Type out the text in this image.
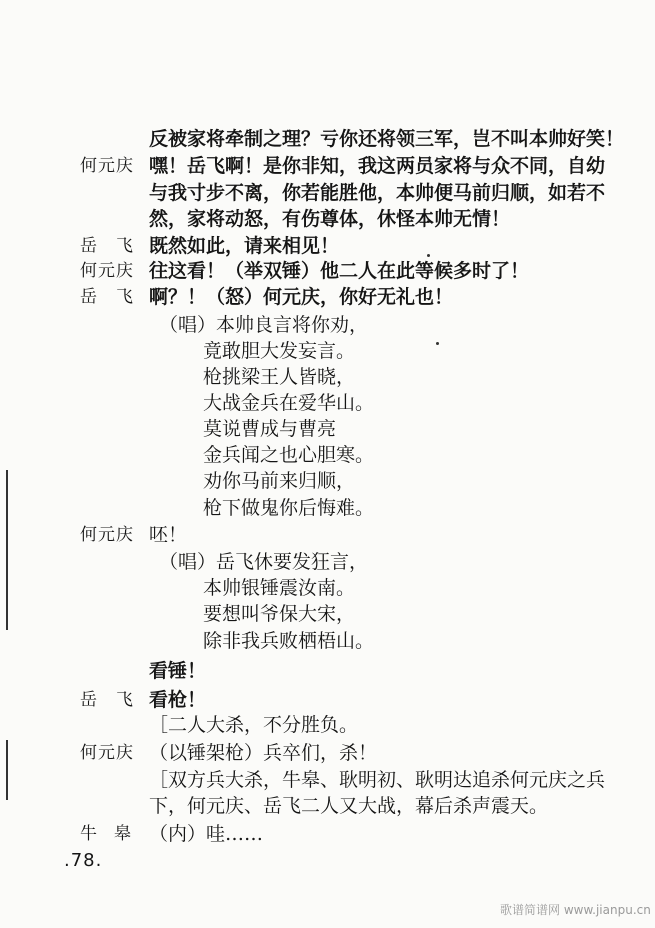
反被家将牵制之理？亏你还将领三军，岂不叫本帅好笑！
何元庆 嘿！岳飞啊！是你非知，我这两员家将与众不同，自幼
与我寸步不离，你若能胜他，本帅便马前归顺，如若不
然，家将动怒，有伤尊体，休怪本帅无情！
岳飞
既然如此，请来相见！
何元庆 往这看！（举双锤）他二人在此等候多时了！
岳飞
啊？！（怒）何元庆，你好无礼也！
（唱）本帅良言将你劝，
竟敢胆大发妄言。
枪挑梁王人皆晓，
大战金兵在爱华山。
莫说曹成与曹亮
金兵闻之也心胆寒。
劝你马前来归顺，
枪下做鬼你后悔难。
何元庆 呸！
（唱）岳飞休要发狂言，
本帅银锤震汝南。
要想叫爷保大宋，
除非我兵败栖梧山。
看锤！
岳飞
看枪！
［二人大杀，不分胜负。
何元庆 （以锤架枪）兵卒们，杀！
［双方兵大杀，牛皋、耿明初、耿明达追杀何元庆之兵
下，何元庆、岳飞二人又大战，幕后杀声震天。
牛皋 （内）哇……
.78.
歌谱简谱网 www.jianpu.cn
